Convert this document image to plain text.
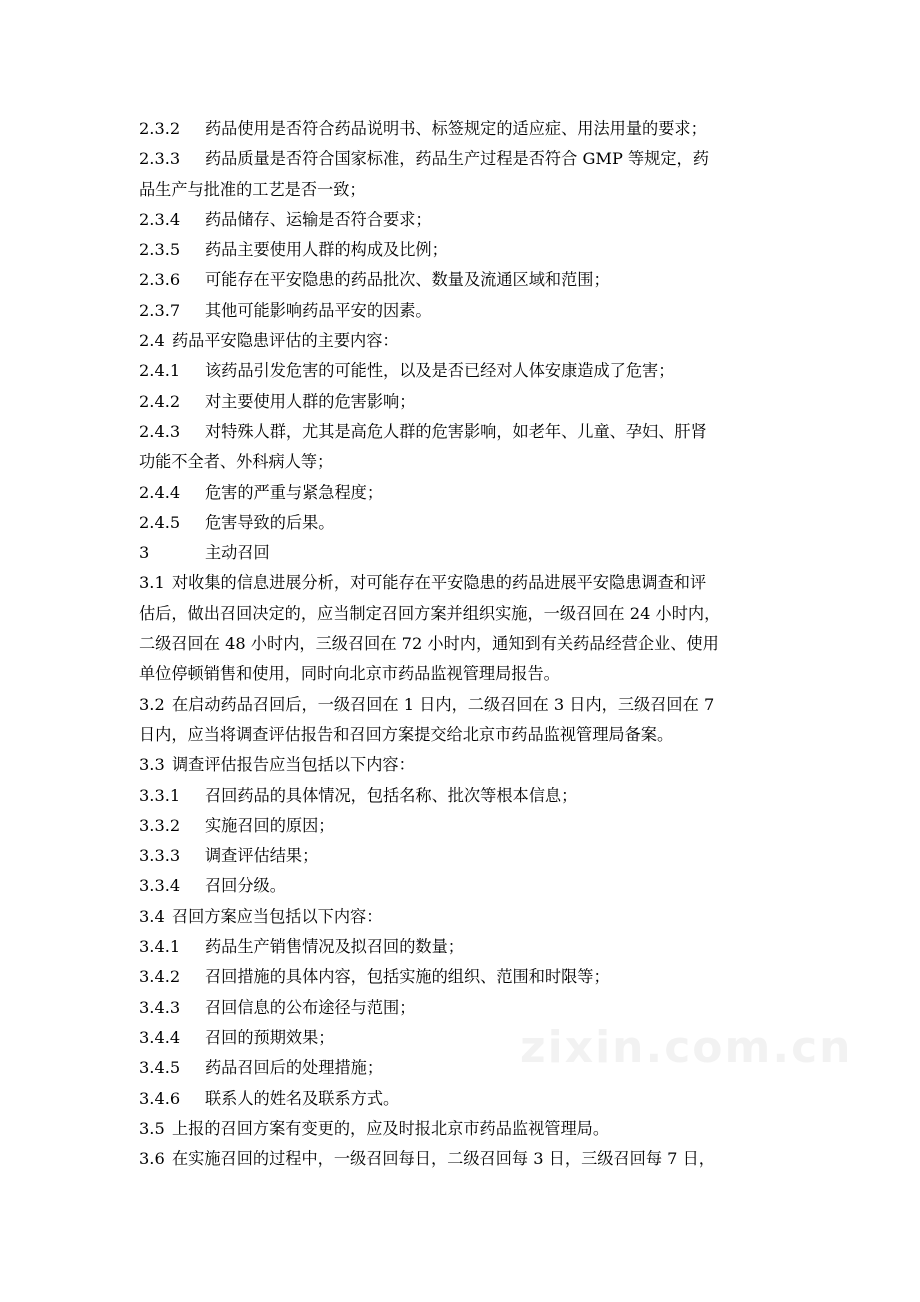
2.3.2 药品使用是否符合药品说明书、标签规定的适应症、用法用量的要求；
2.3.3 药品质量是否符合国家标准，药品生产过程是否符合 GMP 等规定，药
品生产与批准的工艺是否一致；
2.3.4 药品储存、运输是否符合要求；
2.3.5 药品主要使用人群的构成及比例；
2.3.6 可能存在平安隐患的药品批次、数量及流通区域和范围；
2.3.7 其他可能影响药品平安的因素。
2.4 药品平安隐患评估的主要内容：
2.4.1 该药品引发危害的可能性，以及是否已经对人体安康造成了危害；
2.4.2 对主要使用人群的危害影响；
2.4.3 对特殊人群，尤其是高危人群的危害影响，如老年、儿童、孕妇、肝肾
功能不全者、外科病人等；
2.4.4 危害的严重与紧急程度；
2.4.5 危害导致的后果。
3	主动召回
3.1 对收集的信息进展分析，对可能存在平安隐患的药品进展平安隐患调查和评
估后，做出召回决定的，应当制定召回方案并组织实施，一级召回在 24 小时内，
二级召回在 48 小时内，三级召回在 72 小时内，通知到有关药品经营企业、使用
单位停顿销售和使用，同时向北京市药品监视管理局报告。
3.2 在启动药品召回后，一级召回在 1 日内，二级召回在 3 日内，三级召回在 7
日内，应当将调查评估报告和召回方案提交给北京市药品监视管理局备案。
3.3 调查评估报告应当包括以下内容：
3.3.1 召回药品的具体情况，包括名称、批次等根本信息；
3.3.2 实施召回的原因；
3.3.3 调查评估结果；
3.3.4 召回分级。
3.4 召回方案应当包括以下内容：
3.4.1 药品生产销售情况及拟召回的数量；
3.4.2 召回措施的具体内容，包括实施的组织、范围和时限等；
3.4.3 召回信息的公布途径与范围；
3.4.4 召回的预期效果；
3.4.5 药品召回后的处理措施；
3.4.6 联系人的姓名及联系方式。
3.5 上报的召回方案有变更的，应及时报北京市药品监视管理局。
3.6 在实施召回的过程中，一级召回每日，二级召回每 3 日，三级召回每 7 日，
zixin.com.cn
